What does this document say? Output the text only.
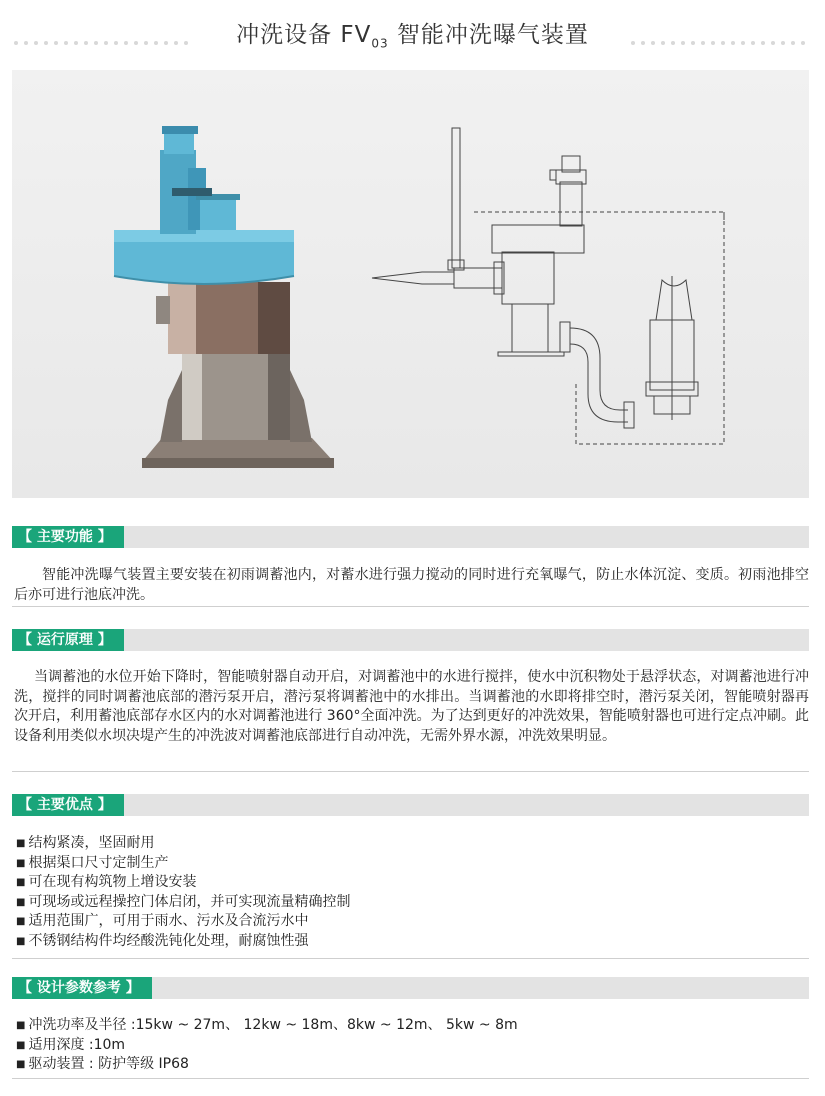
冲洗设备 $FV_{03}$ 智能冲洗曝气装置
【 主要功能 】

智能冲洗曝气装置主要安装在初雨调蓄池内，对蓄水进行强力搅动的同时进行充氧曝气，防止水体沉淀、变质。初雨池排空后亦可进行池底冲洗。

【 运行原理 】

当调蓄池的水位开始下降时，智能喷射器自动开启，对调蓄池中的水进行搅拌，使水中沉积物处于悬浮状态，对调蓄池进行冲洗，搅拌的同时调蓄池底部的潜污泵开启，潜污泵将调蓄池中的水排出。当调蓄池的水即将排空时，潜污泵关闭，智能喷射器再次开启，利用蓄池底部存水区内的水对调蓄池进行 360°全面冲洗。为了达到更好的冲洗效果，智能喷射器也可进行定点冲刷。此设备利用类似水坝决堤产生的冲洗波对调蓄池底部进行自动冲洗，无需外界水源，冲洗效果明显。

【 主要优点 】
■ 结构紧凑，坚固耐用
■ 根据渠口尺寸定制生产
■ 可在现有构筑物上增设安装
■ 可现场或远程操控门体启闭，并可实现流量精确控制
■ 适用范围广，可用于雨水、污水及合流污水中
■ 不锈钢结构件均经酸洗钝化处理，耐腐蚀性强
【 设计参数参考 】
■ 冲洗功率及半径 :15kw ~ 27m、 12kw ~ 18m、8kw ~ 12m、 5kw ~ 8m
■ 适用深度 :10m
■ 驱动装置 : 防护等级 IP68
